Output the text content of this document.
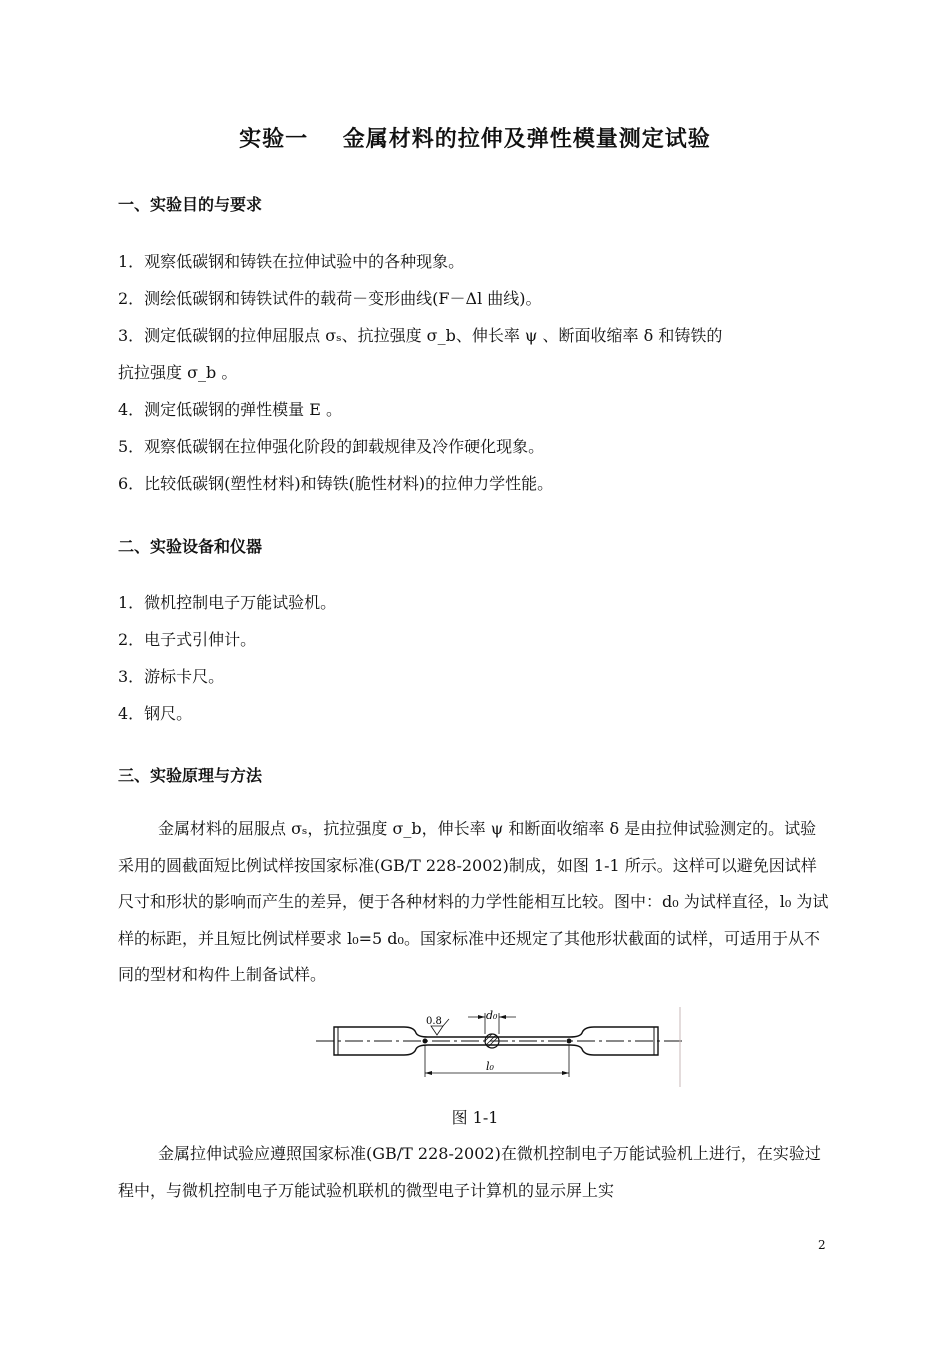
实验一    金属材料的拉伸及弹性模量测定试验
一、实验目的与要求
1．观察低碳钢和铸铁在拉伸试验中的各种现象。
2．测绘低碳钢和铸铁试件的载荷－变形曲线(F－Δl 曲线)。
3．测定低碳钢的拉伸屈服点 σₛ、抗拉强度 σ_b、伸长率 ψ 、断面收缩率 δ 和铸铁的
抗拉强度 σ_b 。
4．测定低碳钢的弹性模量 E 。
5．观察低碳钢在拉伸强化阶段的卸载规律及冷作硬化现象。
6．比较低碳钢(塑性材料)和铸铁(脆性材料)的拉伸力学性能。
二、实验设备和仪器
1．微机控制电子万能试验机。
2．电子式引伸计。
3．游标卡尺。
4．钢尺。
三、实验原理与方法

金属材料的屈服点 σₛ，抗拉强度 σ_b，伸长率 ψ 和断面收缩率 δ 是由拉伸试验测定的。试验采用的圆截面短比例试样按国家标准(GB/T 228-2002)制成，如图 1-1 所示。这样可以避免因试样尺寸和形状的影响而产生的差异，便于各种材料的力学性能相互比较。图中：d₀ 为试样直径，l₀ 为试样的标距，并且短比例试样要求 l₀=5 d₀。国家标准中还规定了其他形状截面的试样，可适用于从不同的型材和构件上制备试样。

d₀
0.8
l₀
图 1-1

金属拉伸试验应遵照国家标准(GB/T 228-2002)在微机控制电子万能试验机上进行，在实验过程中，与微机控制电子万能试验机联机的微型电子计算机的显示屏上实

2
